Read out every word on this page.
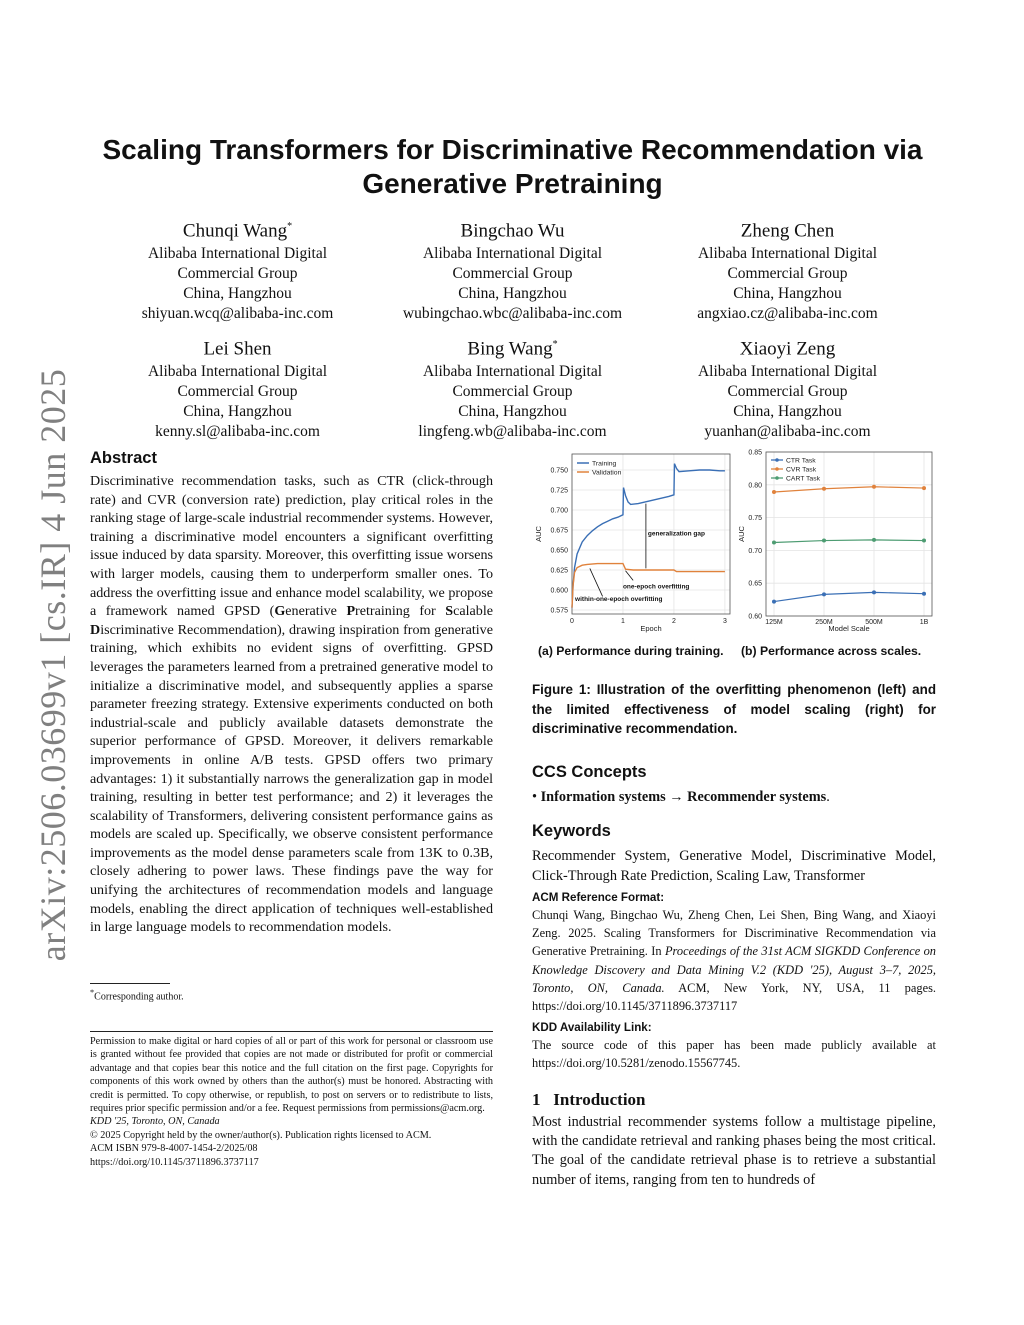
arXiv:2506.03699v1 [cs.IR] 4 Jun 2025
Scaling Transformers for Discriminative Recommendation via
Generative Pretraining
Chunqi Wang*
Alibaba International Digital
Commercial Group
China, Hangzhou
shiyuan.wcq@alibaba-inc.com
Bingchao Wu
Alibaba International Digital
Commercial Group
China, Hangzhou
wubingchao.wbc@alibaba-inc.com
Zheng Chen
Alibaba International Digital
Commercial Group
China, Hangzhou
angxiao.cz@alibaba-inc.com
Lei Shen
Alibaba International Digital
Commercial Group
China, Hangzhou
kenny.sl@alibaba-inc.com
Bing Wang*
Alibaba International Digital
Commercial Group
China, Hangzhou
lingfeng.wb@alibaba-inc.com
Xiaoyi Zeng
Alibaba International Digital
Commercial Group
China, Hangzhou
yuanhan@alibaba-inc.com
Abstract

Discriminative recommendation tasks, such as CTR (click-through rate) and CVR (conversion rate) prediction, play critical roles in the ranking stage of large-scale industrial recommender systems. However, training a discriminative model encounters a significant overfitting issue induced by data sparsity. Moreover, this overfitting issue worsens with larger models, causing them to underperform smaller ones. To address the overfitting issue and enhance model scalability, we propose a framework named GPSD (Generative Pretraining for Scalable Discriminative Recommendation), drawing inspiration from generative training, which exhibits no evident signs of overfitting. GPSD leverages the parameters learned from a pretrained generative model to initialize a discriminative model, and subsequently applies a sparse parameter freezing strategy. Extensive experiments conducted on both industrial-scale and publicly available datasets demonstrate the superior performance of GPSD. Moreover, it delivers remarkable improvements in online A/B tests. GPSD offers two primary advantages: 1) it substantially narrows the generalization gap in model training, resulting in better test performance; and 2) it leverages the scalability of Transformers, delivering consistent performance gains as models are scaled up. Specifically, we observe consistent performance improvements as the model dense parameters scale from 13K to 0.3B, closely adhering to power laws. These findings pave the way for unifying the architectures of recommendation models and language models, enabling the direct application of techniques well-established in large language models to recommendation models.

*Corresponding author.
Permission to make digital or hard copies of all or part of this work for personal or classroom use is granted without fee provided that copies are not made or distributed for profit or commercial advantage and that copies bear this notice and the full citation on the first page. Copyrights for components of this work owned by others than the author(s) must be honored. Abstracting with credit is permitted. To copy otherwise, or republish, to post on servers or to redistribute to lists, requires prior specific permission and/or a fee. Request permissions from permissions@acm.org.
KDD '25, Toronto, ON, Canada
© 2025 Copyright held by the owner/author(s). Publication rights licensed to ACM.
ACM ISBN 979-8-4007-1454-2/2025/08
https://doi.org/10.1145/3711896.3737117
0.575
0.600
0.625
0.650
0.675
0.700
0.725
0.750
0	1	2	3
Training
Validation
generalization gap
one-epoch overfitting
within-one-epoch overfitting
Epoch
AUC
0.60
0.65
0.70
0.75
0.80
0.85
125M	250M	500M	1B
CTR Task
CVR Task
CART Task
Model Scale
AUC
(a) Performance during training. (b) Performance across scales.
Figure 1: Illustration of the overfitting phenomenon (left) and the limited effectiveness of model scaling (right) for discriminative recommendation.
CCS Concepts
• Information systems → Recommender systems.
Keywords

Recommender System, Generative Model, Discriminative Model, Click-Through Rate Prediction, Scaling Law, Transformer

ACM Reference Format:

Chunqi Wang, Bingchao Wu, Zheng Chen, Lei Shen, Bing Wang, and Xiaoyi Zeng. 2025. Scaling Transformers for Discriminative Recommendation via Generative Pretraining. In Proceedings of the 31st ACM SIGKDD Conference on Knowledge Discovery and Data Mining V.2 (KDD '25), August 3–7, 2025, Toronto, ON, Canada. ACM, New York, NY, USA, 11 pages. https://doi.org/10.1145/3711896.3737117

KDD Availability Link:

The source code of this paper has been made publicly available at https://doi.org/10.5281/zenodo.15567745.

1 Introduction

Most industrial recommender systems follow a multistage pipeline, with the candidate retrieval and ranking phases being the most critical. The goal of the candidate retrieval phase is to retrieve a substantial number of items, ranging from ten to hundreds of
